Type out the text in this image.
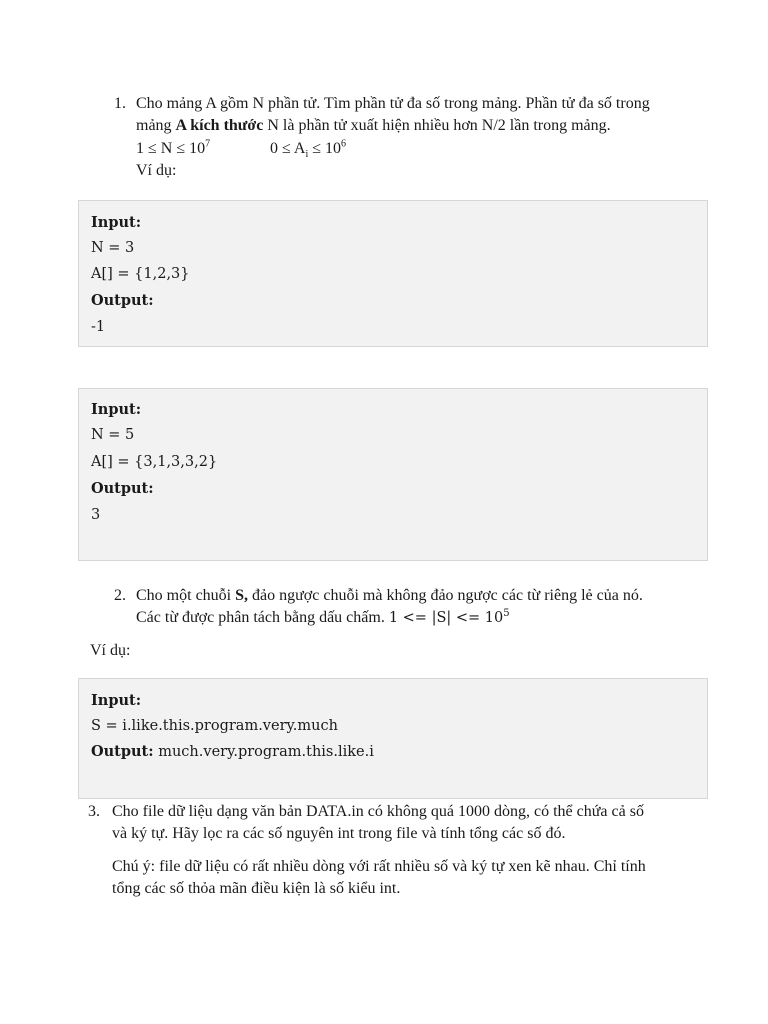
1. Cho mảng A gồm N phần tử. Tìm phần tử đa số trong mảng. Phần tử đa số trong
mảng A kích thước N là phần tử xuất hiện nhiều hơn N/2 lần trong mảng.
$1 \le N \le 10^7$	$0 \le A_i \le 10^6$
Ví dụ:
Input:
N = 3
A[] = {1,2,3}
Output:
-1
Input:
N = 5
A[] = {3,1,3,3,2}
Output:
3
2. Cho một chuỗi S, đảo ngược chuỗi mà không đảo ngược các từ riêng lẻ của nó.
Các từ được phân tách bằng dấu chấm. $1 <= |S| <= 10^5$
Ví dụ:
Input:
S = i.like.this.program.very.much
Output: much.very.program.this.like.i
3. Cho file dữ liệu dạng văn bản DATA.in có không quá 1000 dòng, có thể chứa cả số
và ký tự. Hãy lọc ra các số nguyên int trong file và tính tổng các số đó.
Chú ý: file dữ liệu có rất nhiều dòng với rất nhiều số và ký tự xen kẽ nhau. Chỉ tính
tổng các số thỏa mãn điều kiện là số kiểu int.
